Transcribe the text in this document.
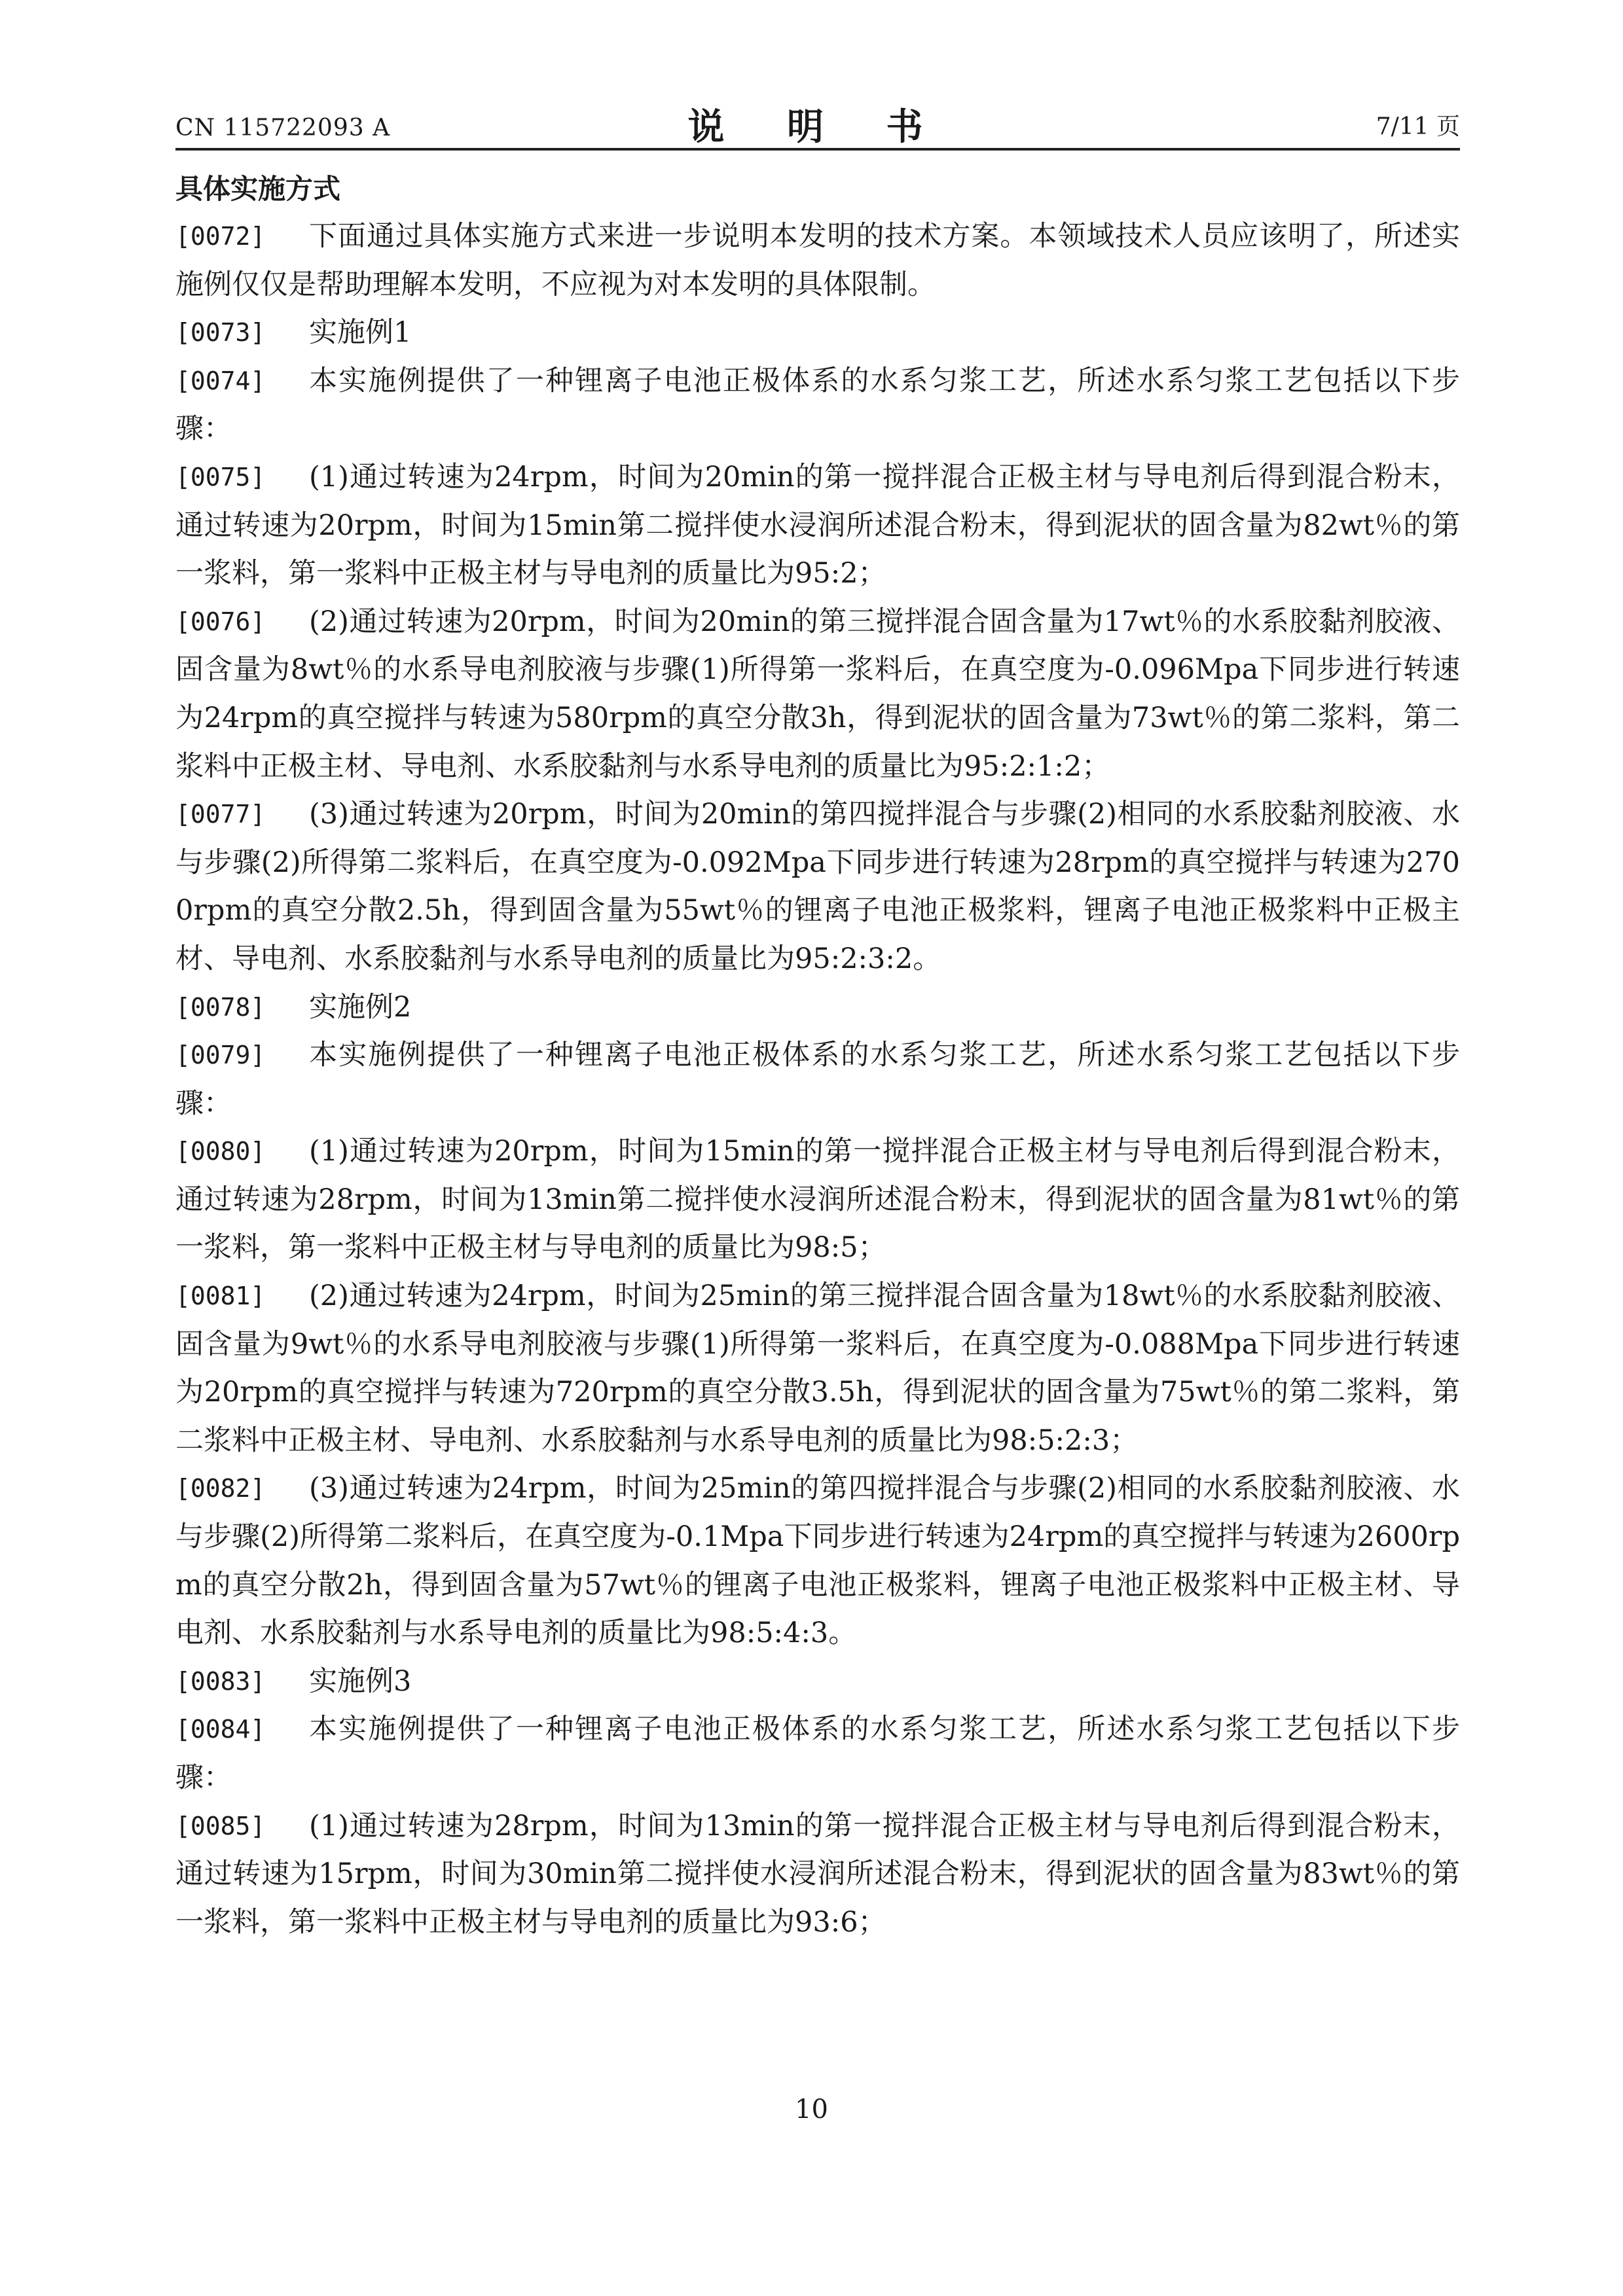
CN 115722093 A	说 明 书	7/11 页
具体实施方式
[0072] 下面通过具体实施方式来进一步说明本发明的技术方案。本领域技术人员应该明了，所述实施例仅仅是帮助理解本发明，不应视为对本发明的具体限制。
[0073] 实施例1
[0074] 本实施例提供了一种锂离子电池正极体系的水系匀浆工艺，所述水系匀浆工艺包括以下步骤：
[0075] (1)通过转速为24rpm，时间为20min的第一搅拌混合正极主材与导电剂后得到混合粉末，通过转速为20rpm，时间为15min第二搅拌使水浸润所述混合粉末，得到泥状的固含量为82wt％的第一浆料，第一浆料中正极主材与导电剂的质量比为95:2；
[0076] (2)通过转速为20rpm，时间为20min的第三搅拌混合固含量为17wt％的水系胶黏剂胶液、固含量为8wt％的水系导电剂胶液与步骤(1)所得第一浆料后，在真空度为-0.096Mpa下同步进行转速为24rpm的真空搅拌与转速为580rpm的真空分散3h，得到泥状的固含量为73wt％的第二浆料，第二浆料中正极主材、导电剂、水系胶黏剂与水系导电剂的质量比为95:2:1:2；
[0077] (3)通过转速为20rpm，时间为20min的第四搅拌混合与步骤(2)相同的水系胶黏剂胶液、水与步骤(2)所得第二浆料后，在真空度为-0.092Mpa下同步进行转速为28rpm的真空搅拌与转速为2700rpm的真空分散2.5h，得到固含量为55wt％的锂离子电池正极浆料，锂离子电池正极浆料中正极主材、导电剂、水系胶黏剂与水系导电剂的质量比为95:2:3:2。
[0078] 实施例2
[0079] 本实施例提供了一种锂离子电池正极体系的水系匀浆工艺，所述水系匀浆工艺包括以下步骤：
[0080] (1)通过转速为20rpm，时间为15min的第一搅拌混合正极主材与导电剂后得到混合粉末，通过转速为28rpm，时间为13min第二搅拌使水浸润所述混合粉末，得到泥状的固含量为81wt％的第一浆料，第一浆料中正极主材与导电剂的质量比为98:5；
[0081] (2)通过转速为24rpm，时间为25min的第三搅拌混合固含量为18wt％的水系胶黏剂胶液、固含量为9wt％的水系导电剂胶液与步骤(1)所得第一浆料后，在真空度为-0.088Mpa下同步进行转速为20rpm的真空搅拌与转速为720rpm的真空分散3.5h，得到泥状的固含量为75wt％的第二浆料，第二浆料中正极主材、导电剂、水系胶黏剂与水系导电剂的质量比为98:5:2:3；
[0082] (3)通过转速为24rpm，时间为25min的第四搅拌混合与步骤(2)相同的水系胶黏剂胶液、水与步骤(2)所得第二浆料后，在真空度为-0.1Mpa下同步进行转速为24rpm的真空搅拌与转速为2600rpm的真空分散2h，得到固含量为57wt％的锂离子电池正极浆料，锂离子电池正极浆料中正极主材、导电剂、水系胶黏剂与水系导电剂的质量比为98:5:4:3。
[0083] 实施例3
[0084] 本实施例提供了一种锂离子电池正极体系的水系匀浆工艺，所述水系匀浆工艺包括以下步骤：
[0085] (1)通过转速为28rpm，时间为13min的第一搅拌混合正极主材与导电剂后得到混合粉末，通过转速为15rpm，时间为30min第二搅拌使水浸润所述混合粉末，得到泥状的固含量为83wt％的第一浆料，第一浆料中正极主材与导电剂的质量比为93:6；
10
